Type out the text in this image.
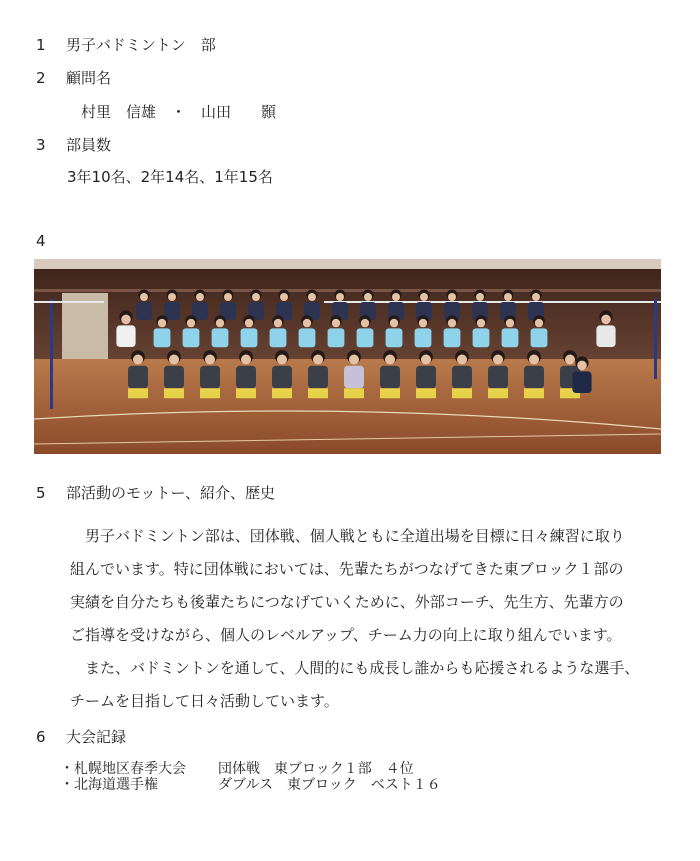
1 男子バドミントン　部
2 顧問名
村里　信雄　・　山田　　顥
3 部員数
3年10名、2年14名、1年15名
4
5 部活動のモットー、紹介、歴史
　男子バドミントン部は、団体戦、個人戦ともに全道出場を目標に日々練習に取り
組んでいます。特に団体戦においては、先輩たちがつなげてきた東ブロック１部の
実績を自分たちも後輩たちにつなげていくために、外部コーチ、先生方、先輩方の
ご指導を受けながら、個人のレベルアップ、チーム力の向上に取り組んでいます。
　また、バドミントンを通して、人間的にも成長し誰からも応援されるような選手、
チームを目指して日々活動しています。
6 大会記録
・札幌地区春季大会 団体戦　東ブロック１部　４位
・北海道選手権	ダブルス　東ブロック　ベスト１６
